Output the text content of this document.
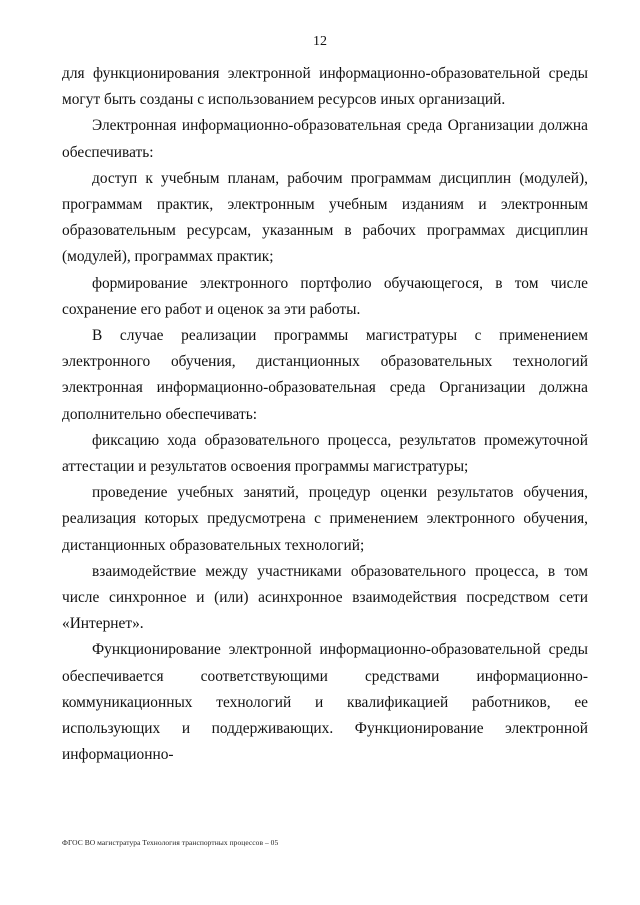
12

для функционирования электронной информационно-образовательной среды могут быть созданы с использованием ресурсов иных организаций.

Электронная информационно-образовательная среда Организации должна обеспечивать:

доступ к учебным планам, рабочим программам дисциплин (модулей), программам практик, электронным учебным изданиям и электронным образовательным ресурсам, указанным в рабочих программах дисциплин (модулей), программах практик;

формирование электронного портфолио обучающегося, в том числе сохранение его работ и оценок за эти работы.

В случае реализации программы магистратуры с применением электронного обучения, дистанционных образовательных технологий электронная информационно-образовательная среда Организации должна дополнительно обеспечивать:

фиксацию хода образовательного процесса, результатов промежуточной аттестации и результатов освоения программы магистратуры;

проведение учебных занятий, процедур оценки результатов обучения, реализация которых предусмотрена с применением электронного обучения, дистанционных образовательных технологий;

взаимодействие между участниками образовательного процесса, в том числе синхронное и (или) асинхронное взаимодействия посредством сети «Интернет».

Функционирование электронной информационно-образовательной среды обеспечивается соответствующими средствами информационно-коммуникационных технологий и квалификацией работников, ее использующих и поддерживающих. Функционирование электронной информационно-

ФГОС ВО магистратура Технология транспортных процессов – 05
